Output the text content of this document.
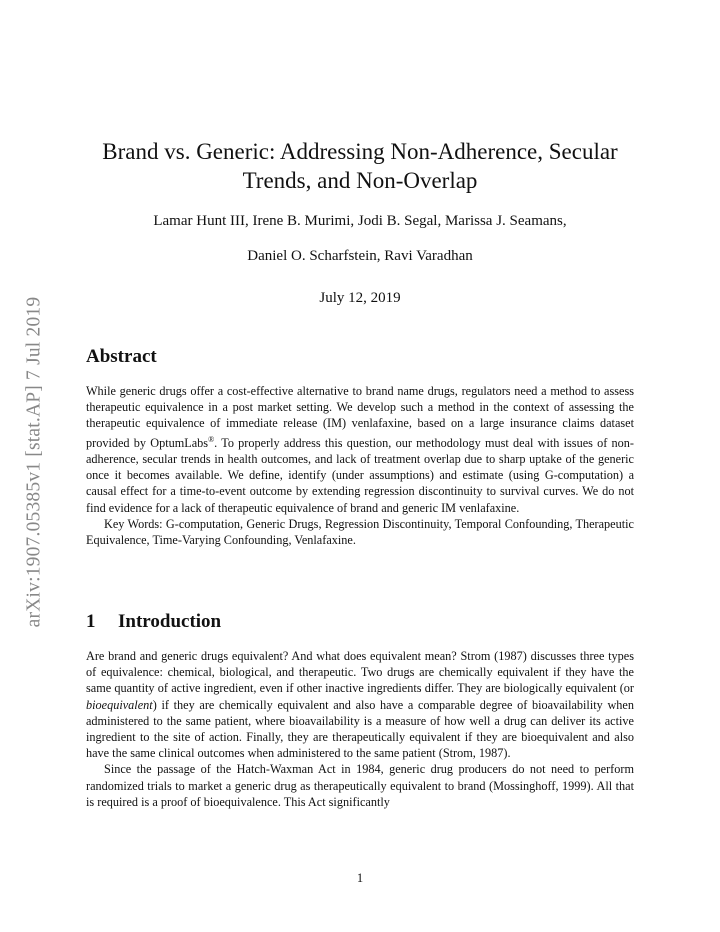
arXiv:1907.05385v1 [stat.AP] 7 Jul 2019
Brand vs. Generic: Addressing Non-Adherence, Secular Trends, and Non-Overlap
Lamar Hunt III, Irene B. Murimi, Jodi B. Segal, Marissa J. Seamans,
Daniel O. Scharfstein, Ravi Varadhan
July 12, 2019
Abstract

While generic drugs offer a cost-effective alternative to brand name drugs, regulators need a method to assess therapeutic equivalence in a post market setting. We develop such a method in the context of assessing the therapeutic equivalence of immediate release (IM) venlafaxine, based on a large insurance claims dataset provided by OptumLabs®. To properly address this question, our methodology must deal with issues of non-adherence, secular trends in health outcomes, and lack of treatment overlap due to sharp uptake of the generic once it becomes available. We define, identify (under assumptions) and estimate (using G-computation) a causal effect for a time-to-event outcome by extending regression discontinuity to survival curves. We do not find evidence for a lack of therapeutic equivalence of brand and generic IM venlafaxine.

Key Words: G-computation, Generic Drugs, Regression Discontinuity, Temporal Confounding, Therapeutic Equivalence, Time-Varying Confounding, Venlafaxine.

1 Introduction

Are brand and generic drugs equivalent? And what does equivalent mean? Strom (1987) discusses three types of equivalence: chemical, biological, and therapeutic. Two drugs are chemically equivalent if they have the same quantity of active ingredient, even if other inactive ingredients differ. They are biologically equivalent (or bioequivalent) if they are chemically equivalent and also have a comparable degree of bioavailability when administered to the same patient, where bioavailability is a measure of how well a drug can deliver its active ingredient to the site of action. Finally, they are therapeutically equivalent if they are bioequivalent and also have the same clinical outcomes when administered to the same patient (Strom, 1987).

Since the passage of the Hatch-Waxman Act in 1984, generic drug producers do not need to perform randomized trials to market a generic drug as therapeutically equivalent to brand (Mossinghoff, 1999). All that is required is a proof of bioequivalence. This Act significantly

1
